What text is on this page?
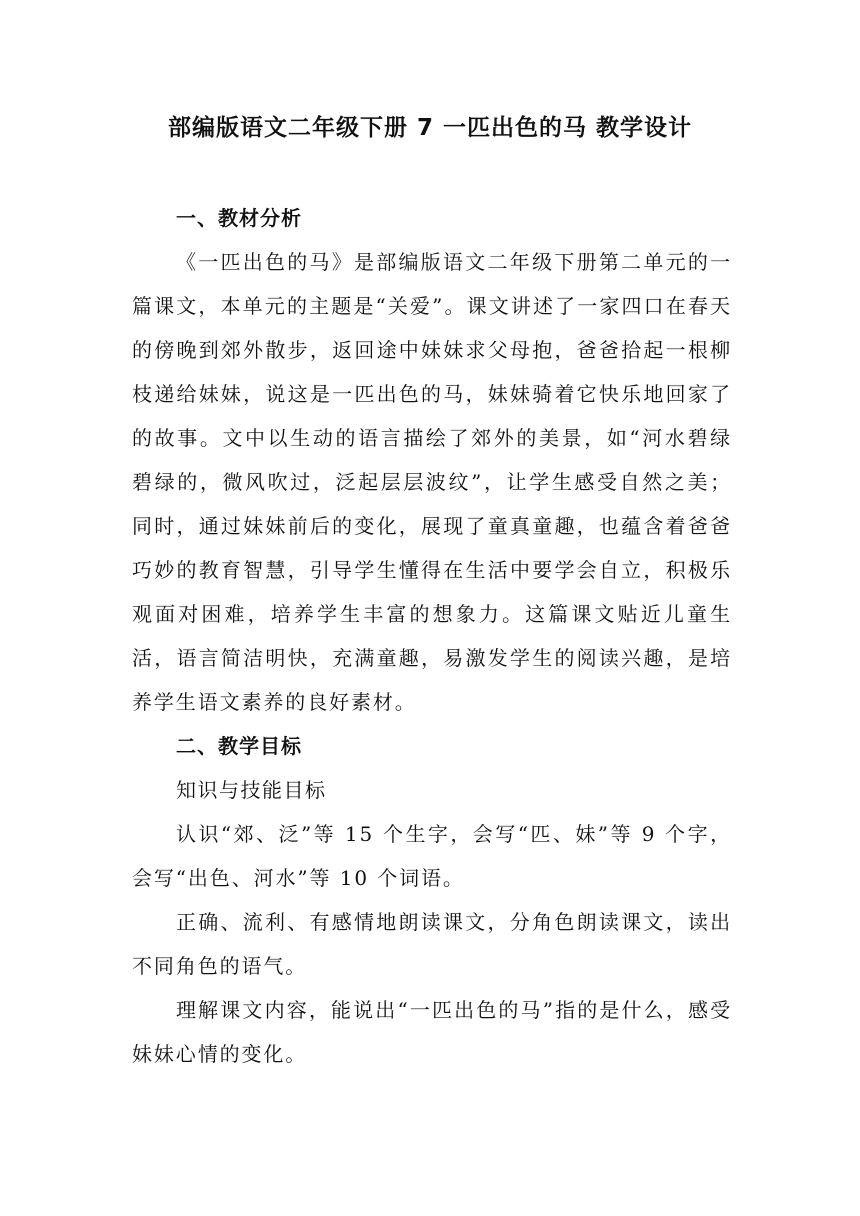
部编版语文二年级下册 7 一匹出色的马 教学设计
一、教材分析

《一匹出色的马》是部编版语文二年级下册第二单元的一篇课文，本单元的主题是“关爱”。课文讲述了一家四口在春天的傍晚到郊外散步，返回途中妹妹求父母抱，爸爸拾起一根柳枝递给妹妹，说这是一匹出色的马，妹妹骑着它快乐地回家了的故事。文中以生动的语言描绘了郊外的美景，如“河水碧绿碧绿的，微风吹过，泛起层层波纹”，让学生感受自然之美；同时，通过妹妹前后的变化，展现了童真童趣，也蕴含着爸爸巧妙的教育智慧，引导学生懂得在生活中要学会自立，积极乐观面对困难，培养学生丰富的想象力。这篇课文贴近儿童生活，语言简洁明快，充满童趣，易激发学生的阅读兴趣，是培养学生语文素养的良好素材。

二、教学目标

知识与技能目标

认识“郊、泛”等 15 个生字，会写“匹、妹”等 9 个字，会写“出色、河水”等 10 个词语。

正确、流利、有感情地朗读课文，分角色朗读课文，读出不同角色的语气。

理解课文内容，能说出“一匹出色的马”指的是什么，感受妹妹心情的变化。
